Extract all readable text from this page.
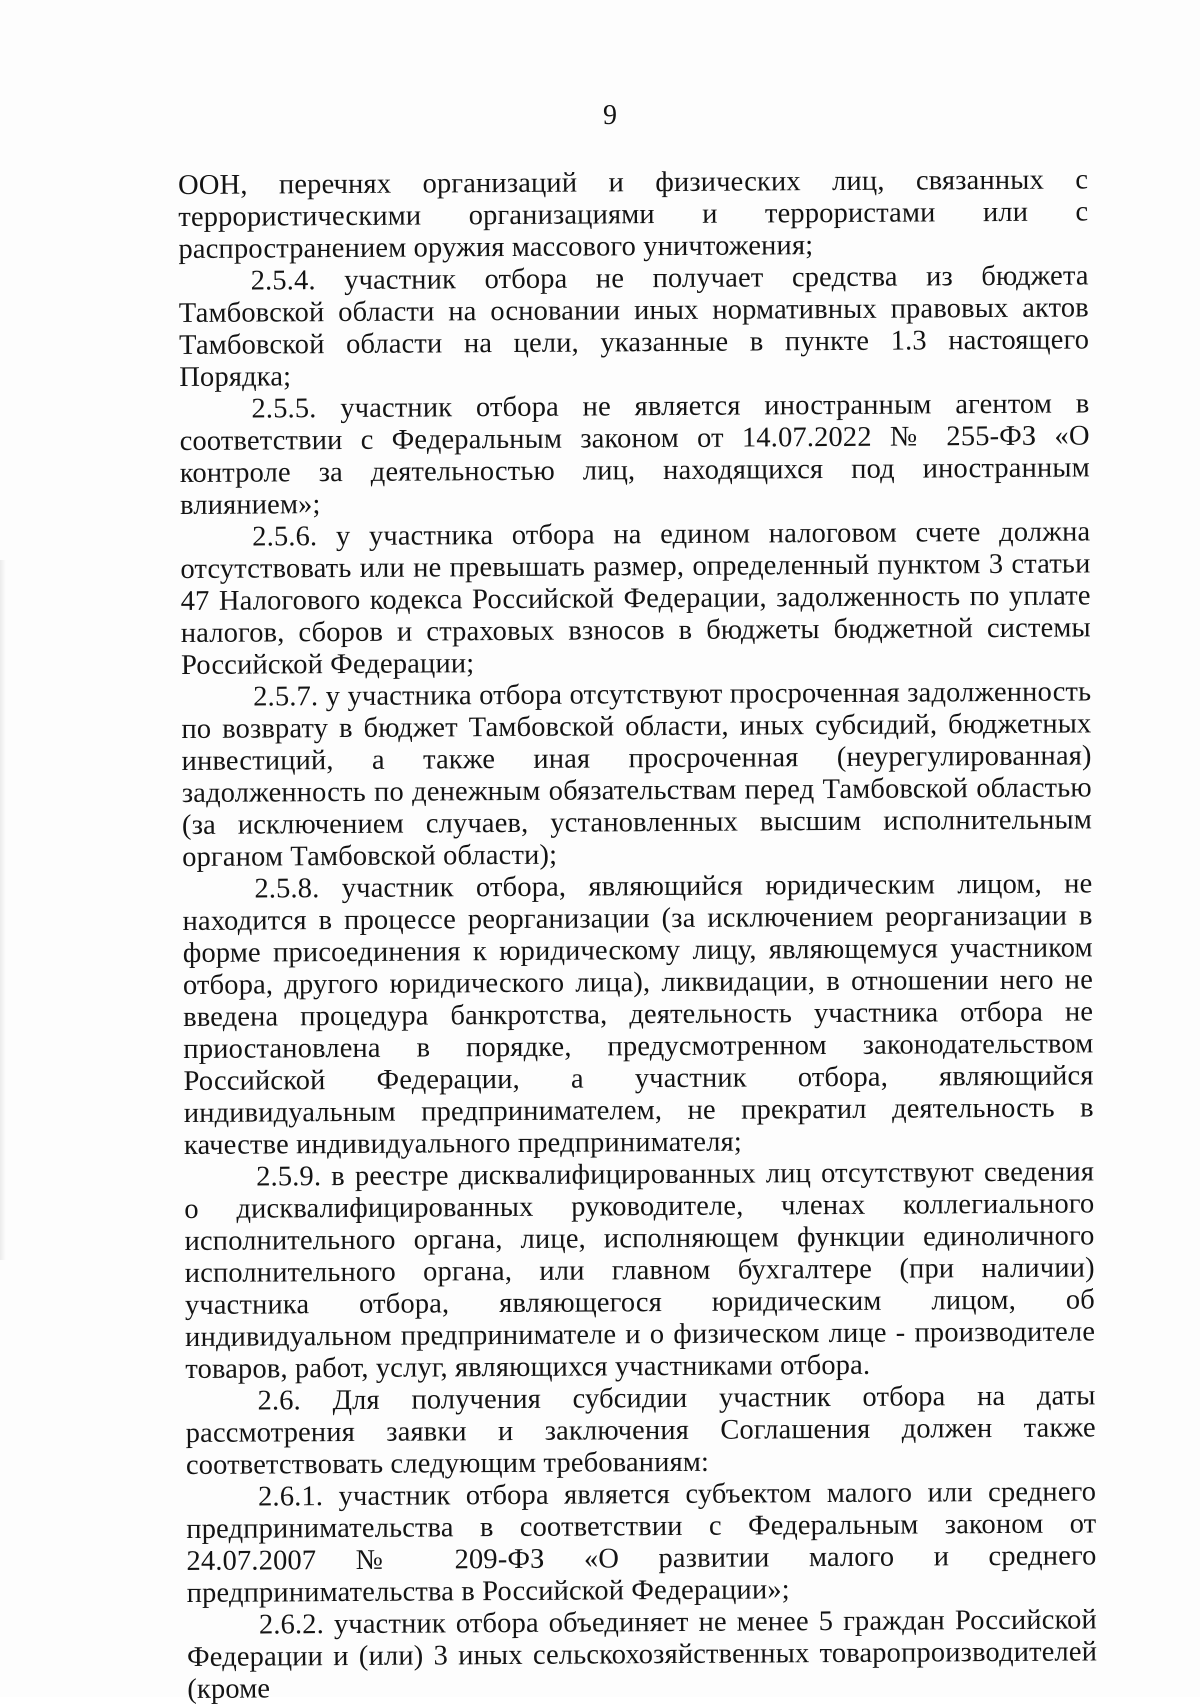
9

ООН, перечнях организаций и физических лиц, связанных с террористическими организациями и террористами или с распространением оружия массового уничтожения;

2.5.4. участник отбора не получает средства из бюджета Тамбовской области на основании иных нормативных правовых актов Тамбовской области на цели, указанные в пункте 1.3 настоящего Порядка;

2.5.5. участник отбора не является иностранным агентом в соответствии с Федеральным законом от 14.07.2022 № 255-ФЗ «О контроле за деятельностью лиц, находящихся под иностранным влиянием»;

2.5.6. у участника отбора на едином налоговом счете должна отсутствовать или не превышать размер, определенный пунктом 3 статьи 47 Налогового кодекса Российской Федерации, задолженность по уплате налогов, сборов и страховых взносов в бюджеты бюджетной системы Российской Федерации;

2.5.7. у участника отбора отсутствуют просроченная задолженность по возврату в бюджет Тамбовской области, иных субсидий, бюджетных инвестиций, а также иная просроченная (неурегулированная) задолженность по денежным обязательствам перед Тамбовской областью (за исключением случаев, установленных высшим исполнительным органом Тамбовской области);

2.5.8. участник отбора, являющийся юридическим лицом, не находится в процессе реорганизации (за исключением реорганизации в форме присоединения к юридическому лицу, являющемуся участником отбора, другого юридического лица), ликвидации, в отношении него не введена процедура банкротства, деятельность участника отбора не приостановлена в порядке, предусмотренном законодательством Российской Федерации, а участник отбора, являющийся индивидуальным предпринимателем, не прекратил деятельность в качестве индивидуального предпринимателя;

2.5.9. в реестре дисквалифицированных лиц отсутствуют сведения о дисквалифицированных руководителе, членах коллегиального исполнительного органа, лице, исполняющем функции единоличного исполнительного органа, или главном бухгалтере (при наличии) участника отбора, являющегося юридическим лицом, об индивидуальном предпринимателе и о физическом лице - производителе товаров, работ, услуг, являющихся участниками отбора.

2.6. Для получения субсидии участник отбора на даты рассмотрения заявки и заключения Соглашения должен также соответствовать следующим требованиям:

2.6.1. участник отбора является субъектом малого или среднего предпринимательства в соответствии с Федеральным законом от 24.07.2007 № 209-ФЗ «О развитии малого и среднего предпринимательства в Российской Федерации»;

2.6.2. участник отбора объединяет не менее 5 граждан Российской Федерации и (или) 3 иных сельскохозяйственных товаропроизводителей (кроме
